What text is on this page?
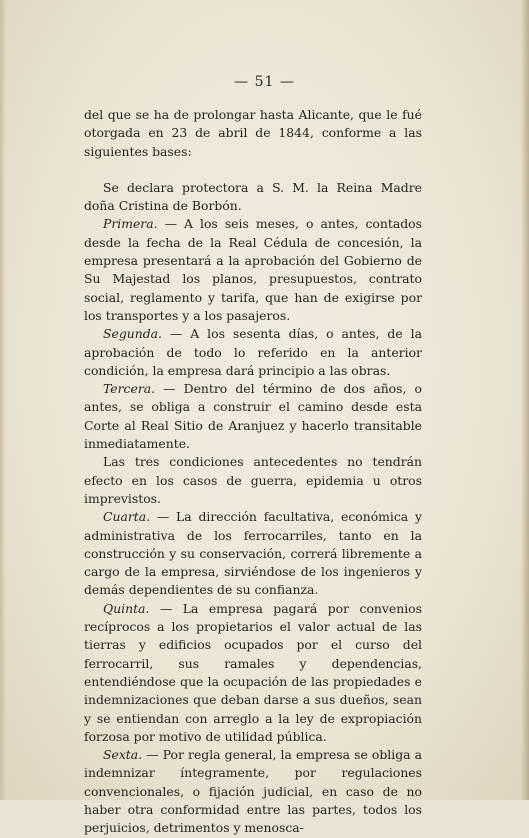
— 51 —

del que se ha de prolongar hasta Alicante, que le fué otorgada en 23 de abril de 1844, conforme a las siguientes bases:

Se declara protectora a S. M. la Reina Madre doña Cristina de Borbón.

Primera. — A los seis meses, o antes, contados desde la fecha de la Real Cédula de concesión, la empresa presentará a la aprobación del Gobierno de Su Majestad los planos, presupuestos, contrato social, reglamento y tarifa, que han de exigirse por los transportes y a los pasajeros.

Segunda. — A los sesenta días, o antes, de la aprobación de todo lo referido en la anterior condición, la empresa dará principio a las obras.

Tercera. — Dentro del término de dos años, o antes, se obliga a construir el camino desde esta Corte al Real Sitio de Aranjuez y hacerlo transitable inmediatamente.

Las tres condiciones antecedentes no tendrán efecto en los casos de guerra, epidemia u otros imprevistos.

Cuarta. — La dirección facultativa, económica y administrativa de los ferrocarriles, tanto en la construcción y su conservación, correrá libremente a cargo de la empresa, sirviéndose de los ingenieros y demás dependientes de su confianza.

Quinta. — La empresa pagará por convenios recíprocos a los propietarios el valor actual de las tierras y edificios ocupados por el curso del ferrocarril, sus ramales y dependencias, entendiéndose que la ocupación de las propiedades e indemnizaciones que deban darse a sus dueños, sean y se entiendan con arreglo a la ley de expropiación forzosa por motivo de utilidad pública.

Sexta. — Por regla general, la empresa se obliga a indemnizar íntegramente, por regulaciones convencionales, o fijación judicial, en caso de no haber otra conformidad entre las partes, todos los perjuicios, detrimentos y menosca-
